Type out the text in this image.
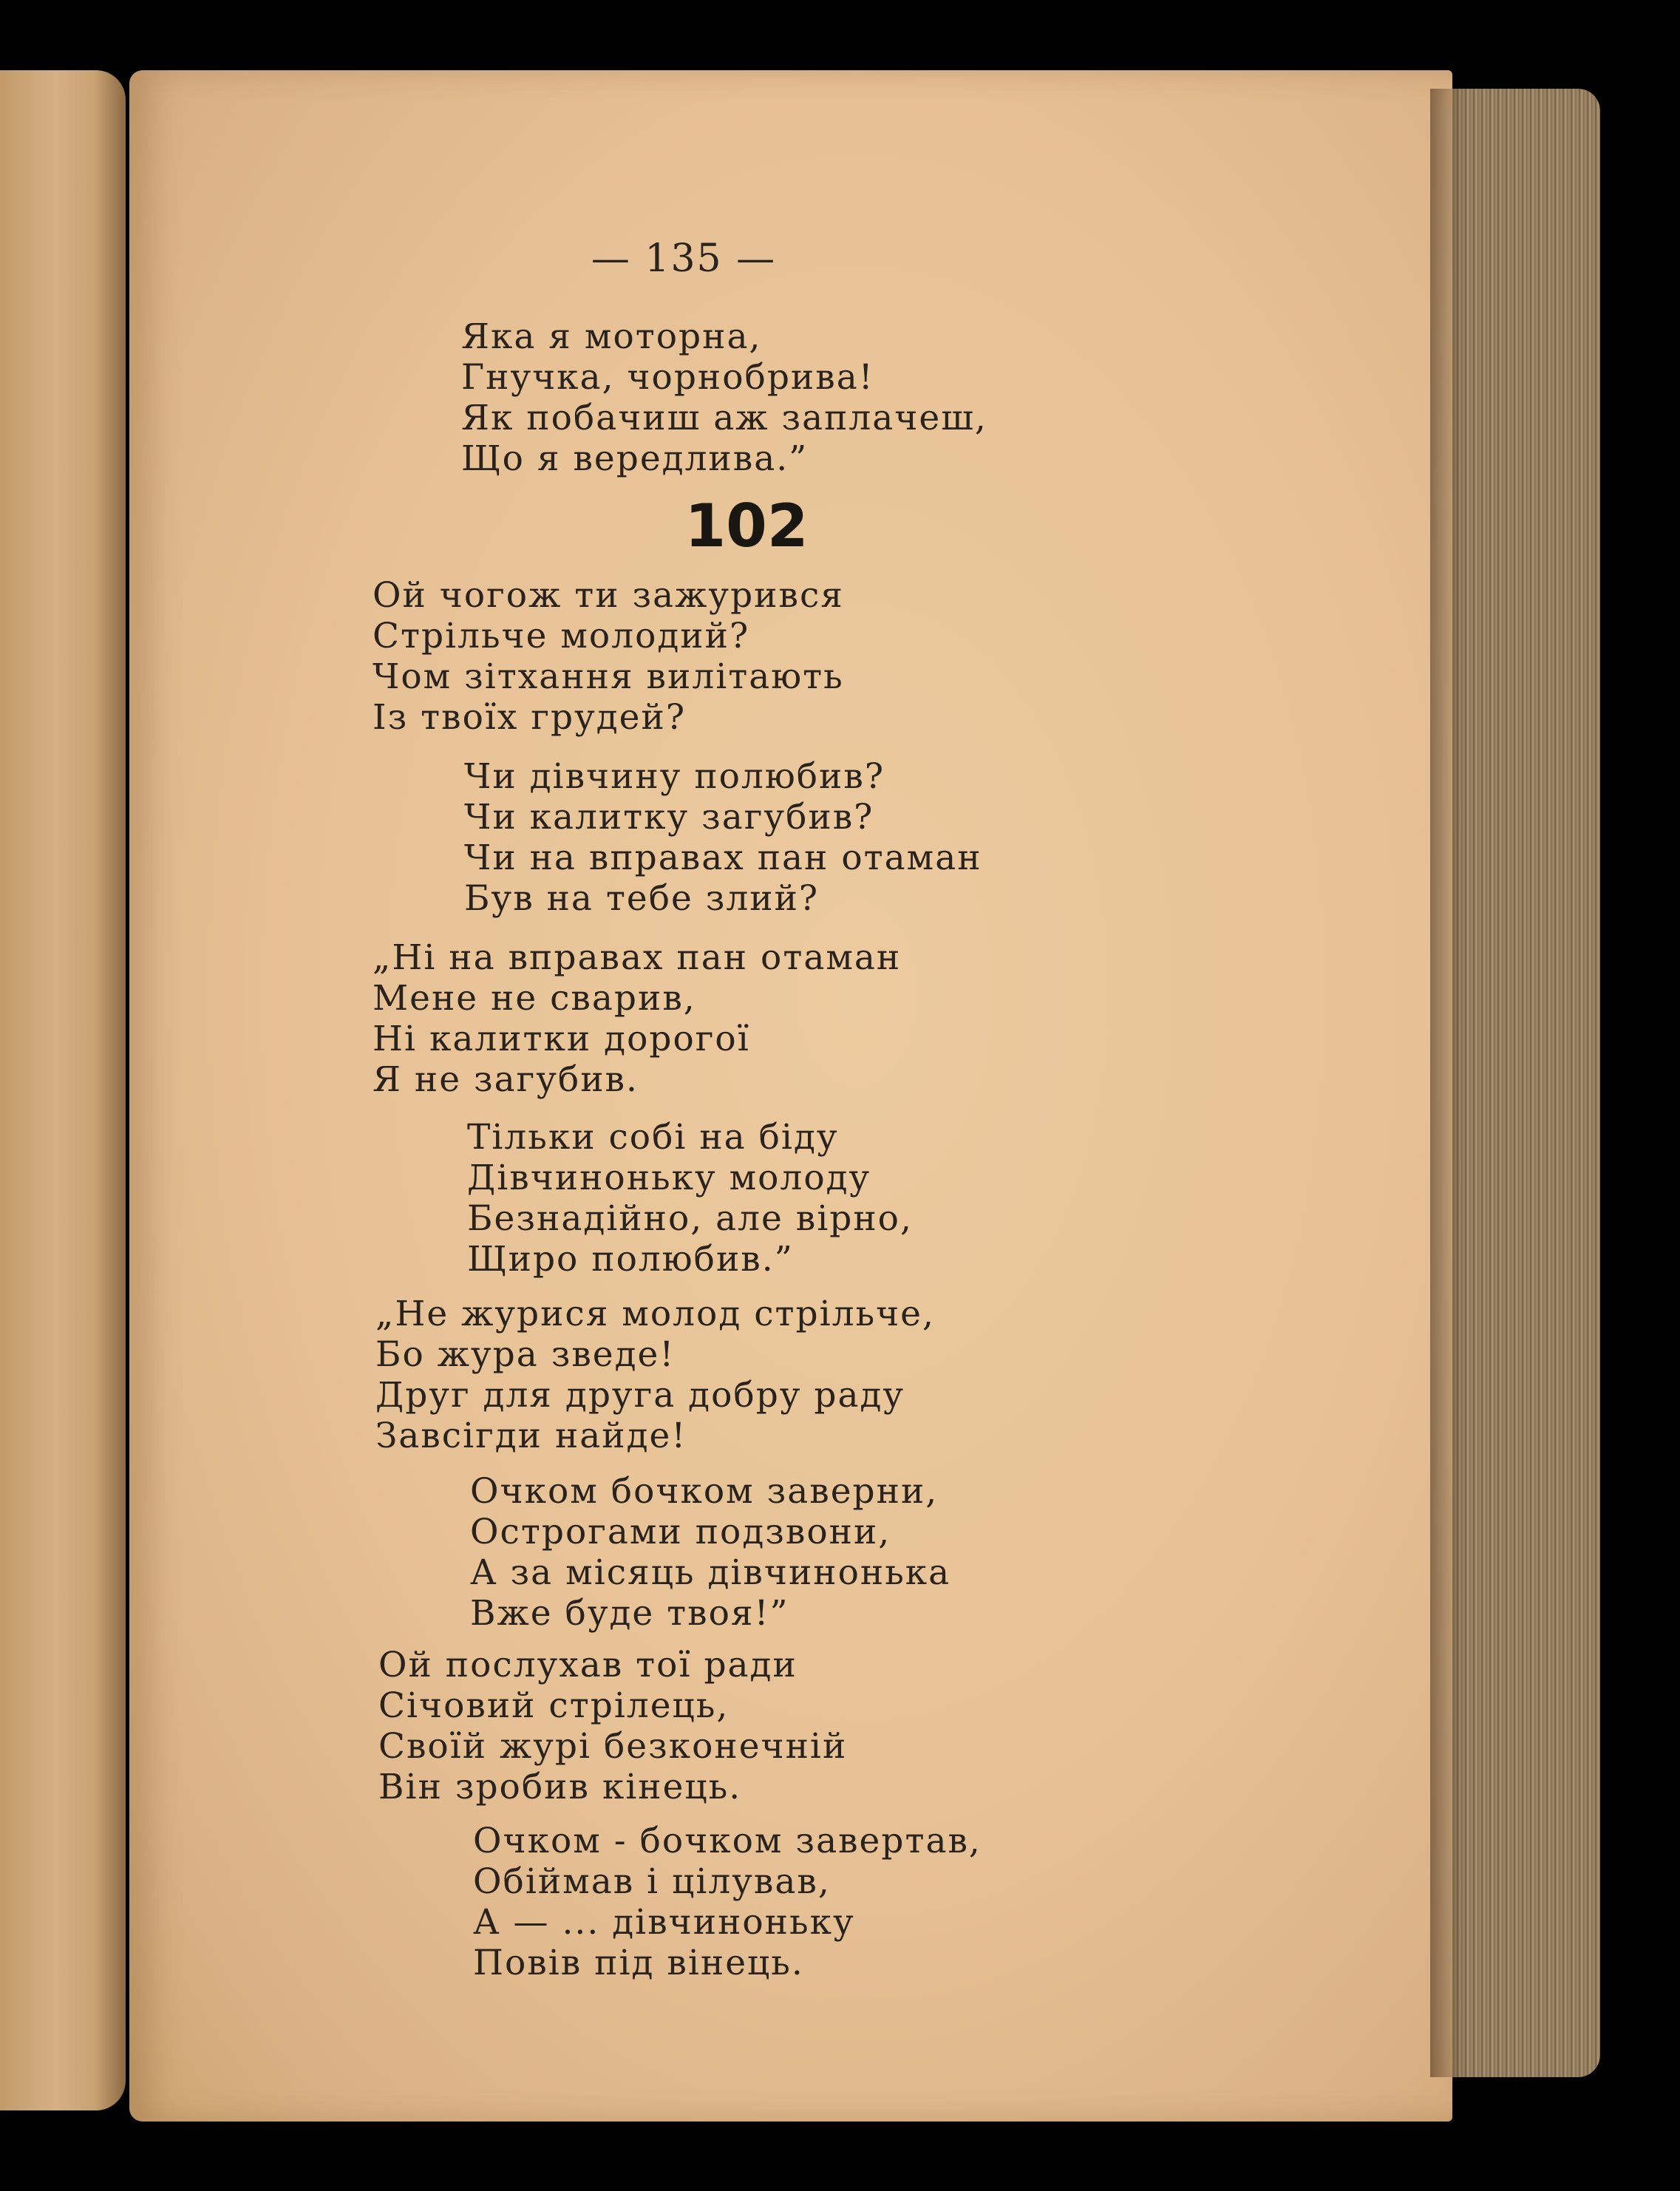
— 135 —
Яка я моторна,
Гнучка, чорнобрива!
Як побачиш аж заплачеш,
Що я вередлива.”
102
Ой чогож ти зажурився
Стрільче молодий?
Чом зітхання вилітають
Із твоїх грудей?
Чи дівчину полюбив?
Чи калитку загубив?
Чи на вправах пан отаман
Був на тебе злий?
„Ні на вправах пан отаман
Мене не сварив,
Ні калитки дорогої
Я не загубив.
Тільки собі на біду
Дівчиноньку молоду
Безнадійно, але вірно,
Щиро полюбив.”
„Не журися молод стрільче,
Бо жура зведе!
Друг для друга добру раду
Завсігди найде!
Очком бочком заверни,
Острогами подзвони,
А за місяць дівчинонька
Вже буде твоя!”
Ой послухав тої ради
Січовий стрілець,
Своїй журі безконечній
Він зробив кінець.
Очком - бочком завертав,
Обіймав і цілував,
А — ... дівчиноньку
Повів під вінець.
